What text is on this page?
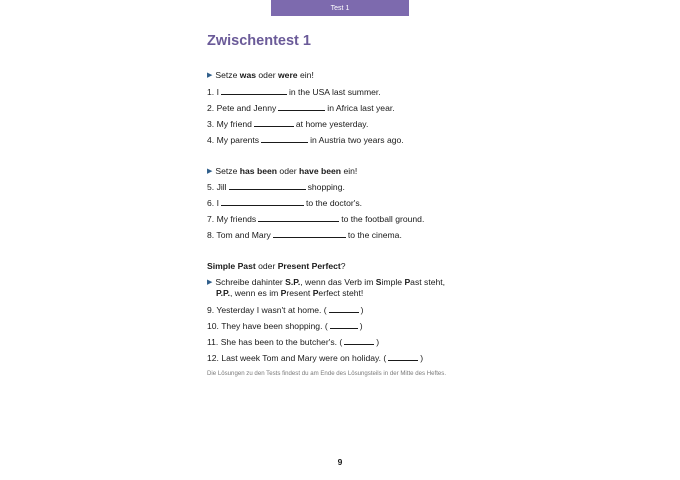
Test 1
Zwischentest 1
▶ Setze was oder were ein!
1. I	in the USA last summer.
2. Pete and Jenny	in Africa last year.
3. My friend	at home yesterday.
4. My parents	in Austria two years ago.
▶ Setze has been oder have been ein!
5. Jill	shopping.
6. I	to the doctor's.
7. My friends	to the football ground.
8. Tom and Mary	to the cinema.
Simple Past oder Present Perfect?
▶ Schreibe dahinter S.P., wenn das Verb im Simple Past steht,
P.P., wenn es im Present Perfect steht!
9. Yesterday I wasn't at home. (	)
10. They have been shopping. (	)
11. She has been to the butcher's. (	)
12. Last week Tom and Mary were on holiday. (	)
Die Lösungen zu den Tests findest du am Ende des Lösungsteils in der Mitte des Heftes.
9
